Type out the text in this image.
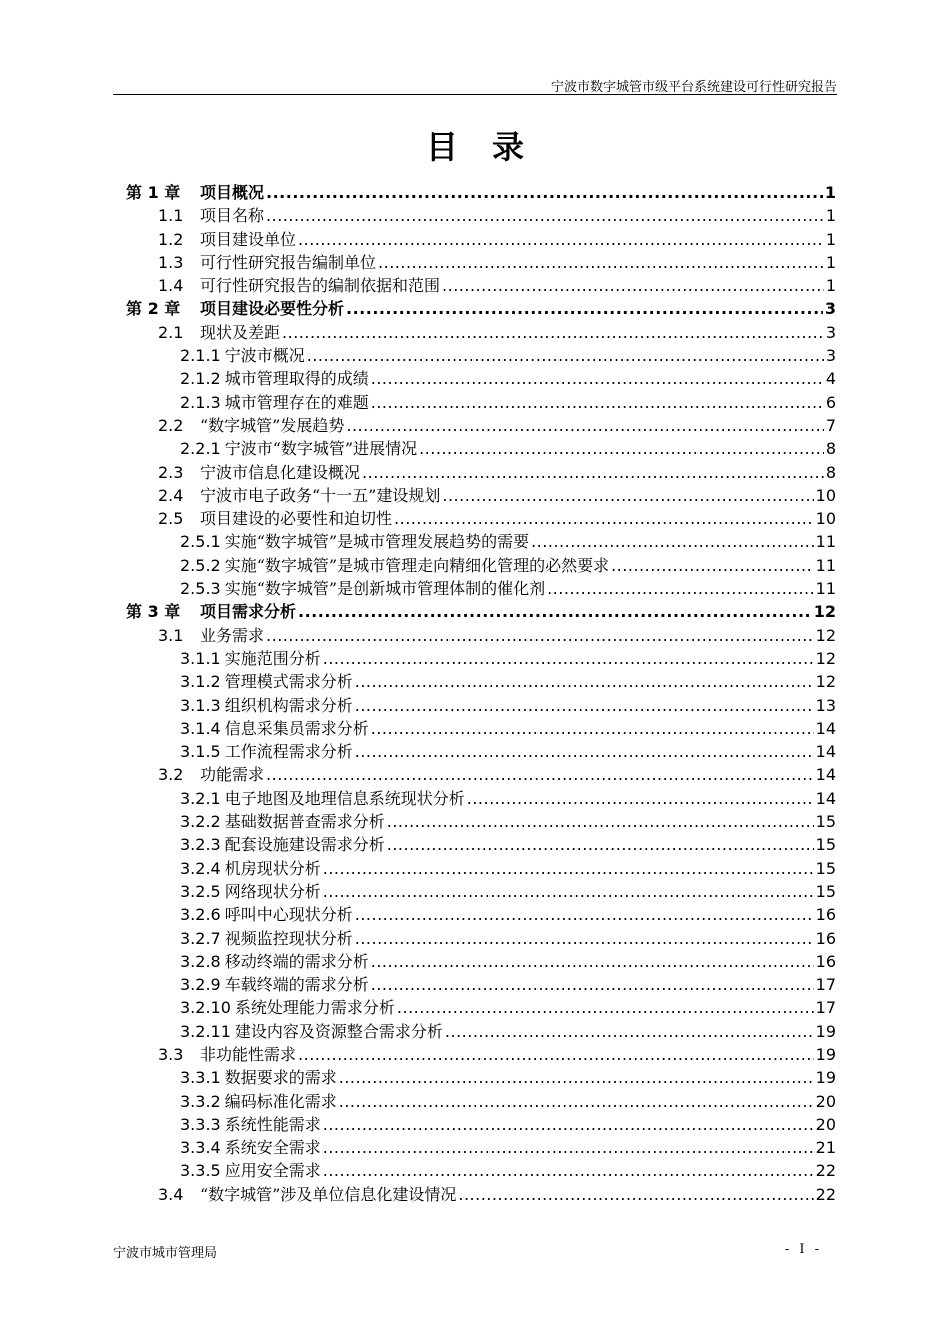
宁波市数字城管市级平台系统建设可行性研究报告
目录
第 1 章	项目概况 .....	1
1.1	项目名称 .....	1
1.2	项目建设单位 .....	1
1.3	可行性研究报告编制单位 .....	1
1.4	可行性研究报告的编制依据和范围 .....	1
第 2 章	项目建设必要性分析 .....	3
2.1	现状及差距 .....	3
2.1.1 宁波市概况 .....	3
2.1.2 城市管理取得的成绩 .....	4
2.1.3 城市管理存在的难题 .....	6
2.2	“数字城管”发展趋势 .....	7
2.2.1 宁波市“数字城管”进展情况 .....	8
2.3	宁波市信息化建设概况 .....	8
2.4	宁波市电子政务“十一五”建设规划 .....	10
2.5	项目建设的必要性和迫切性 .....	10
2.5.1 实施“数字城管”是城市管理发展趋势的需要 .....	11
2.5.2 实施“数字城管”是城市管理走向精细化管理的必然要求 .....	11
2.5.3 实施“数字城管”是创新城市管理体制的催化剂 .....	11
第 3 章	项目需求分析 .....	12
3.1	业务需求 .....	12
3.1.1 实施范围分析 .....	12
3.1.2 管理模式需求分析 .....	12
3.1.3 组织机构需求分析 .....	13
3.1.4 信息采集员需求分析 .....	14
3.1.5 工作流程需求分析 .....	14
3.2	功能需求 .....	14
3.2.1 电子地图及地理信息系统现状分析 .....	14
3.2.2 基础数据普查需求分析 .....	15
3.2.3 配套设施建设需求分析 .....	15
3.2.4 机房现状分析 .....	15
3.2.5 网络现状分析 .....	15
3.2.6 呼叫中心现状分析 .....	16
3.2.7 视频监控现状分析 .....	16
3.2.8 移动终端的需求分析 .....	16
3.2.9 车载终端的需求分析 .....	17
3.2.10 系统处理能力需求分析 .....	17
3.2.11 建设内容及资源整合需求分析 .....	19
3.3	非功能性需求 .....	19
3.3.1 数据要求的需求 .....	19
3.3.2 编码标准化需求 .....	20
3.3.3 系统性能需求 .....	20
3.3.4 系统安全需求 .....	21
3.3.5 应用安全需求 .....	22
3.4	“数字城管”涉及单位信息化建设情况 .....	22
宁波市城市管理局	- I -
